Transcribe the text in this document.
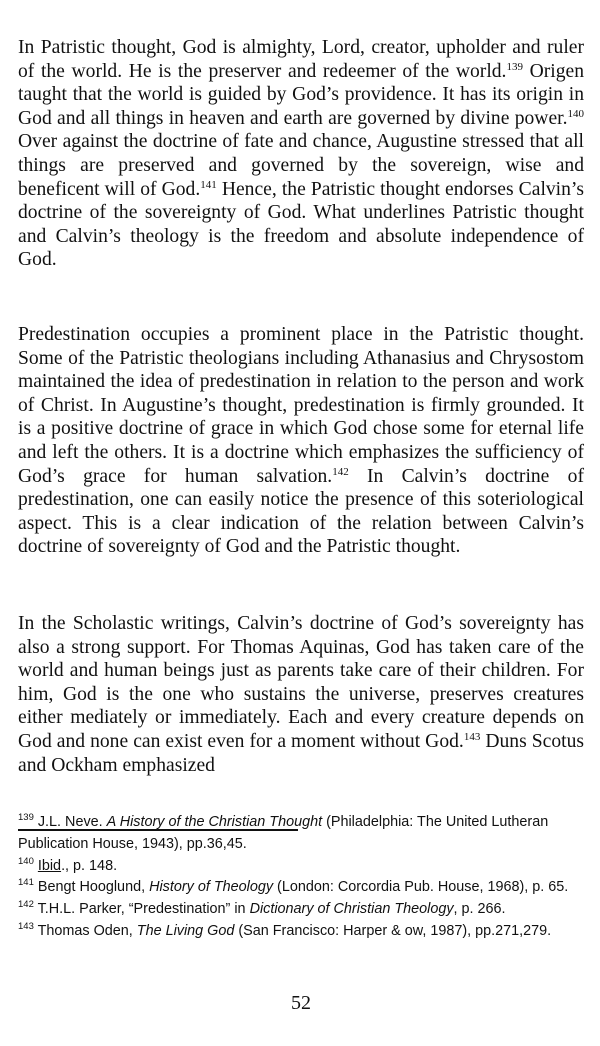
In Patristic thought, God is almighty, Lord, creator, upholder and ruler of the world. He is the preserver and redeemer of the world.$^{139}$ Origen taught that the world is guided by God’s providence. It has its origin in God and all things in heaven and earth are governed by divine power.$^{140}$ Over against the doctrine of fate and chance, Augustine stressed that all things are preserved and governed by the sovereign, wise and beneficent will of God.$^{141}$ Hence, the Patristic thought endorses Calvin’s doctrine of the sovereignty of God. What underlines Patristic thought and Calvin’s theology is the freedom and absolute independence of God.

Predestination occupies a prominent place in the Patristic thought. Some of the Patristic theologians including Athanasius and Chrysostom maintained the idea of predestination in relation to the person and work of Christ. In Augustine’s thought, predestination is firmly grounded. It is a positive doctrine of grace in which God chose some for eternal life and left the others. It is a doctrine which emphasizes the sufficiency of God’s grace for human salvation.$^{142}$ In Calvin’s doctrine of predestination, one can easily notice the presence of this soteriological aspect. This is a clear indication of the relation between Calvin’s doctrine of sovereignty of God and the Patristic thought.

In the Scholastic writings, Calvin’s doctrine of God’s sovereignty has also a strong support. For Thomas Aquinas, God has taken care of the world and human beings just as parents take care of their children. For him, God is the one who sustains the universe, preserves creatures either mediately or immediately. Each and every creature depends on God and none can exist even for a moment without God.$^{143}$ Duns Scotus and Ockham emphasized

$^{139}$ J.L. Neve. A History of the Christian Thought (Philadelphia: The United Lutheran Publication House, 1943), pp.36,45.

$^{140}$ Ibid., p. 148.

$^{141}$ Bengt Hooglund, History of Theology (London: Corcordia Pub. House, 1968), p. 65.

$^{142}$ T.H.L. Parker, “Predestination” in Dictionary of Christian Theology, p. 266.

$^{143}$ Thomas Oden, The Living God (San Francisco: Harper & ow, 1987), pp.271,279.

52
